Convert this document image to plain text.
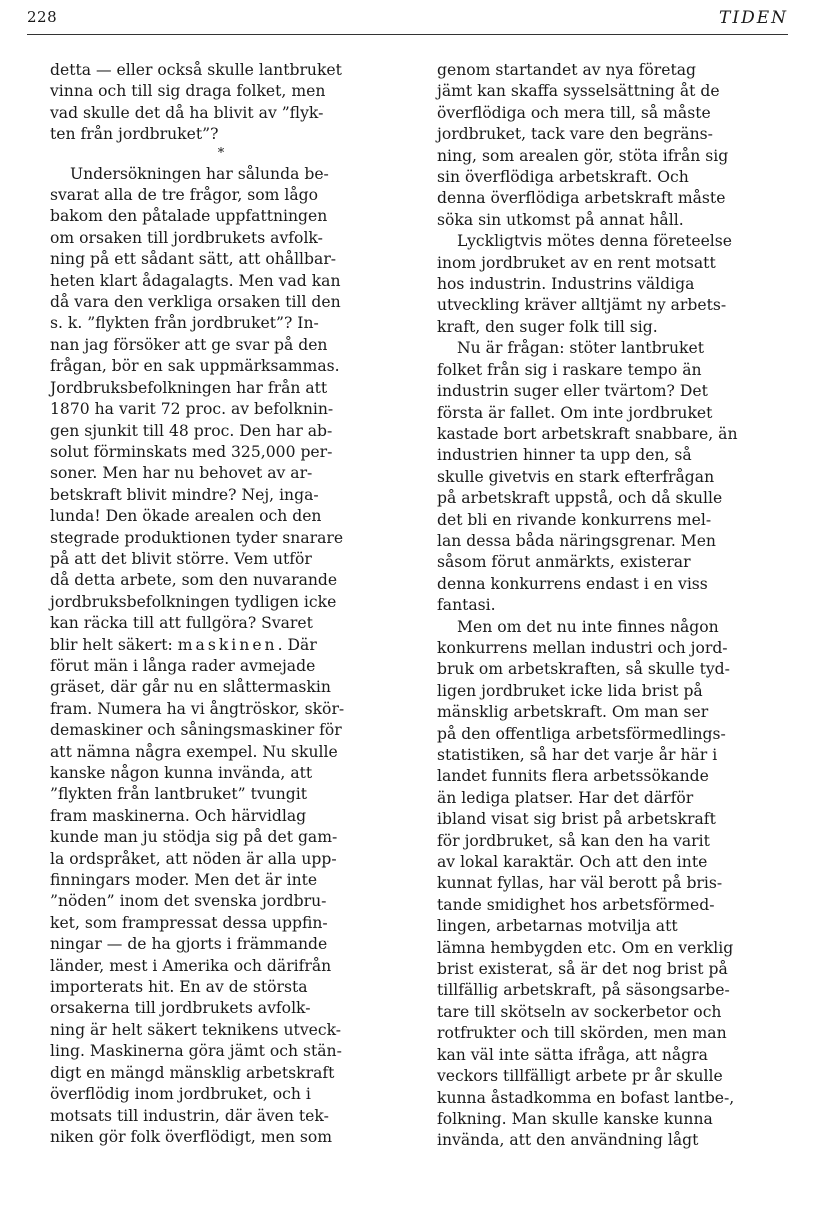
228	TIDEN
detta — eller också skulle lantbruket
vinna och till sig draga folket, men
vad skulle det då ha blivit av ”flyk-
ten från jordbruket”?
*
Undersökningen har sålunda be-
svarat alla de tre frågor, som lågo
bakom den påtalade uppfattningen
om orsaken till jordbrukets avfolk-
ning på ett sådant sätt, att ohållbar-
heten klart ådagalagts. Men vad kan
då vara den verkliga orsaken till den
s. k. ”flykten från jordbruket”? In-
nan jag försöker att ge svar på den
frågan, bör en sak uppmärksammas.
Jordbruksbefolkningen har från att
1870 ha varit 72 proc. av befolknin-
gen sjunkit till 48 proc. Den har ab-
solut förminskats med 325,000 per-
soner. Men har nu behovet av ar-
betskraft blivit mindre? Nej, inga-
lunda! Den ökade arealen och den
stegrade produktionen tyder snarare
på att det blivit större. Vem utför
då detta arbete, som den nuvarande
jordbruksbefolkningen tydligen icke
kan räcka till att fullgöra? Svaret
blir helt säkert: maskinen. Där
förut män i långa rader avmejade
gräset, där går nu en slåttermaskin
fram. Numera ha vi ångtröskor, skör-
demaskiner och såningsmaskiner för
att nämna några exempel. Nu skulle
kanske någon kunna invända, att
”flykten från lantbruket” tvungit
fram maskinerna. Och härvidlag
kunde man ju stödja sig på det gam-
la ordspråket, att nöden är alla upp-
finningars moder. Men det är inte
”nöden” inom det svenska jordbru-
ket, som frampressat dessa uppfin-
ningar — de ha gjorts i främmande
länder, mest i Amerika och därifrån
importerats hit. En av de största
orsakerna till jordbrukets avfolk-
ning är helt säkert teknikens utveck-
ling. Maskinerna göra jämt och stän-
digt en mängd mänsklig arbetskraft
överflödig inom jordbruket, och i
motsats till industrin, där även tek-
niken gör folk överflödigt, men som
genom startandet av nya företag
jämt kan skaffa sysselsättning åt de
överflödiga och mera till, så måste
jordbruket, tack vare den begräns-
ning, som arealen gör, stöta ifrån sig
sin överflödiga arbetskraft. Och
denna överflödiga arbetskraft måste
söka sin utkomst på annat håll.
Lyckligtvis mötes denna företeelse
inom jordbruket av en rent motsatt
hos industrin. Industrins väldiga
utveckling kräver alltjämt ny arbets-
kraft, den suger folk till sig.
Nu är frågan: stöter lantbruket
folket från sig i raskare tempo än
industrin suger eller tvärtom? Det
första är fallet. Om inte jordbruket
kastade bort arbetskraft snabbare, än
industrien hinner ta upp den, så
skulle givetvis en stark efterfrågan
på arbetskraft uppstå, och då skulle
det bli en rivande konkurrens mel-
lan dessa båda näringsgrenar. Men
såsom förut anmärkts, existerar
denna konkurrens endast i en viss
fantasi.
Men om det nu inte finnes någon
konkurrens mellan industri och jord-
bruk om arbetskraften, så skulle tyd-
ligen jordbruket icke lida brist på
mänsklig arbetskraft. Om man ser
på den offentliga arbetsförmedlings-
statistiken, så har det varje år här i
landet funnits flera arbetssökande
än lediga platser. Har det därför
ibland visat sig brist på arbetskraft
för jordbruket, så kan den ha varit
av lokal karaktär. Och att den inte
kunnat fyllas, har väl berott på bris-
tande smidighet hos arbetsförmed-
lingen, arbetarnas motvilja att
lämna hembygden etc. Om en verklig
brist existerat, så är det nog brist på
tillfällig arbetskraft, på säsongsarbe-
tare till skötseln av sockerbetor och
rotfrukter och till skörden, men man
kan väl inte sätta ifråga, att några
veckors tillfälligt arbete pr år skulle
kunna åstadkomma en bofast lantbe-,
folkning. Man skulle kanske kunna
invända, att den användning lågt
